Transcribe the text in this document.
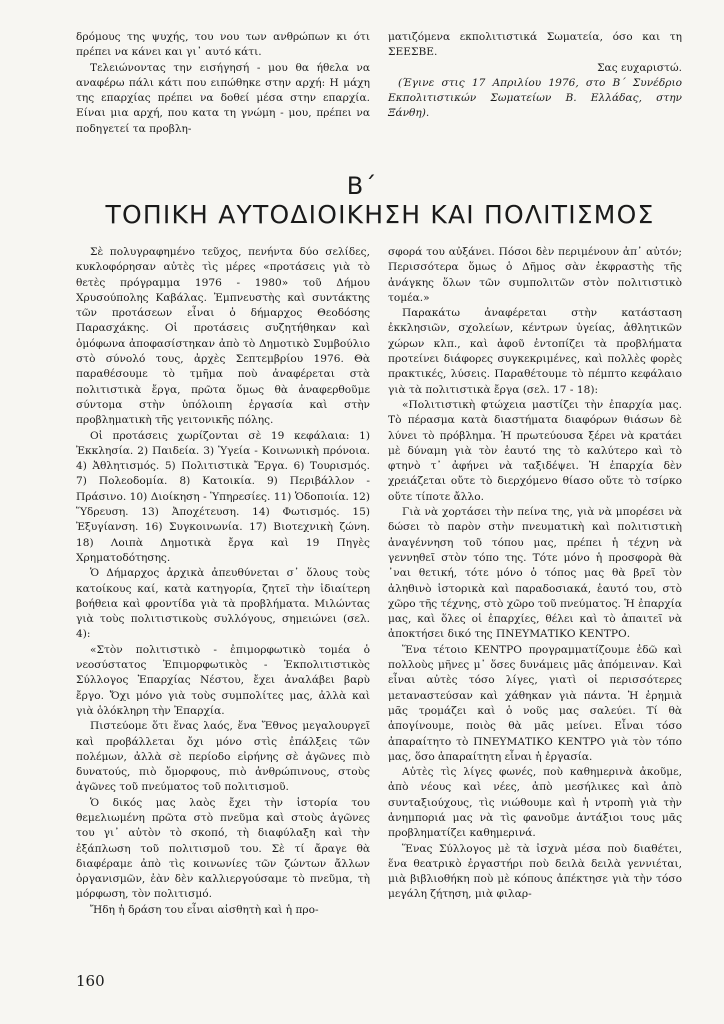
δρόμους της ψυχής, του νου των ανθρώπων κι ότι πρέπει να κάνει και γι᾿ αυτό κάτι.

Τελειώνοντας την εισήγησή - μου θα ήθελα να αναφέρω πάλι κάτι που ειπώθηκε στην αρχή: Η μάχη της επαρχίας πρέπει να δοθεί μέσα στην επαρχία. Είναι μια αρχή, που κατα τη γνώμη - μου, πρέπει να ποδηγετεί τα προβλη-

ματιζόμενα εκπολιτιστικά Σωματεία, όσο και τη ΣΕΕΣΒΕ.

Σας ευχαριστώ.

(Έγινε στις 17 Απριλίου 1976, στο Β΄ Συνέδριο Εκπολιτιστικών Σωματείων Β. Ελλάδας, στην Ξάνθη).

Β΄
ΤΟΠΙΚΗ ΑΥΤΟΔΙΟΙΚΗΣΗ ΚΑΙ ΠΟΛΙΤΙΣΜΟΣ

Σὲ πολυγραφημένο τεῦχος, πενήντα δύο σελίδες, κυκλοφόρησαν αὐτὲς τὶς μέρες «προτάσεις γιὰ τὸ θετὲς πρόγραμμα 1976 - 1980» τοῦ Δήμου Χρυσούπολης Καβάλας. Ἐμπνευστὴς καὶ συντάκτης τῶν προτάσεων εἶναι ὁ δήμαρχος Θεοδόσης Παρασχάκης. Οἱ προτάσεις συζητήθηκαν καὶ ὁμόφωνα ἀποφασίστηκαν ἀπὸ τὸ Δημοτικὸ Συμβούλιο στὸ σύνολό τους, ἀρχὲς Σεπτεμβρίου 1976. Θὰ παραθέσουμε τὸ τμῆμα ποὺ ἀναφέρεται στὰ πολιτιστικὰ ἔργα, πρῶτα ὅμως θὰ ἀναφερθοῦμε σύντομα στὴν ὑπόλοιπη ἐργασία καὶ στὴν προβληματικὴ τῆς γειτονικῆς πόλης.

Οἱ προτάσεις χωρίζονται σὲ 19 κεφάλαια: 1) Ἐκκλησία. 2) Παιδεία. 3) Ὑγεία - Κοινωνικὴ πρόνοια. 4) Ἀθλητισμός. 5) Πολιτιστικὰ Ἔργα. 6) Τουρισμός. 7) Πολεοδομία. 8) Κατοικία. 9) Περιβάλλον - Πράσινο. 10) Διοίκηση - Ὑπηρεσίες. 11) Ὁδοποιία. 12) Ὕδρευση. 13) Ἀποχέτευση. 14) Φωτισμός. 15) Ἐξυγίανση. 16) Συγκοινωνία. 17) Βιοτεχνικὴ ζώνη. 18) Λοιπὰ Δημοτικὰ ἔργα καὶ 19 Πηγὲς Χρηματοδότησης.

Ὁ Δήμαρχος ἀρχικὰ ἀπευθύνεται σ᾿ ὅλους τοὺς κατοίκους καί, κατὰ κατηγορία, ζητεῖ τὴν ἰδιαίτερη βοήθεια καὶ φροντίδα γιὰ τὰ προβλήματα. Μιλώντας γιὰ τοὺς πολιτιστικοὺς συλλόγους, σημειώνει (σελ. 4):

«Στὸν πολιτιστικὸ - ἐπιμορφωτικὸ τομέα ὁ νεοσύστατος Ἐπιμορφωτικὸς - Ἐκπολιτιστικὸς Σύλλογος Ἐπαρχίας Νέστου, ἔχει ἀναλάβει βαρὺ ἔργο. Ὄχι μόνο γιὰ τοὺς συμπολίτες μας, ἀλλὰ καὶ γιὰ ὁλόκληρη τὴν Ἐπαρχία.

Πιστεύομε ὅτι ἕνας λαός, ἕνα Ἔθνος μεγαλουργεῖ καὶ προβάλλεται ὄχι μόνο στὶς ἐπάλξεις τῶν πολέμων, ἀλλὰ σὲ περίοδο εἰρήνης σὲ ἀγῶνες πιὸ δυνατούς, πιὸ ὄμορφους, πιὸ ἀνθρώπινους, στοὺς ἀγῶνες τοῦ πνεύματος τοῦ πολιτισμοῦ.

Ὁ δικός μας λαὸς ἔχει τὴν ἱστορία του θεμελιωμένη πρῶτα στὸ πνεῦμα καὶ στοὺς ἀγῶνες του γι᾿ αὐτὸν τὸ σκοπό, τὴ διαφύλαξη καὶ τὴν ἐξάπλωση τοῦ πολιτισμοῦ του. Σὲ τί ἄραγε θὰ διαφέραμε ἀπὸ τὶς κοινωνίες τῶν ζώντων ἄλλων ὀργανισμῶν, ἐὰν δὲν καλλιεργούσαμε τὸ πνεῦμα, τὴ μόρφωση, τὸν πολιτισμό.

Ἤδη ἡ δράση του εἶναι αἰσθητὴ καὶ ἡ προ-

σφορά του αὐξάνει. Πόσοι δὲν περιμένουν ἀπ᾿ αὐτόν; Περισσότερα ὅμως ὁ Δῆμος σὰν ἐκφραστὴς τῆς ἀνάγκης ὅλων τῶν συμπολιτῶν στὸν πολιτιστικὸ τομέα.»

Παρακάτω ἀναφέρεται στὴν κατάσταση ἐκκλησιῶν, σχολείων, κέντρων ὑγείας, ἀθλητικῶν χώρων κλπ., καὶ ἀφοῦ ἐντοπίζει τὰ προβλήματα προτείνει διάφορες συγκεκριμένες, καὶ πολλὲς φορὲς πρακτικές, λύσεις. Παραθέτουμε τὸ πέμπτο κεφάλαιο γιὰ τὰ πολιτιστικὰ ἔργα (σελ. 17 - 18):

«Πολιτιστικὴ φτώχεια μαστίζει τὴν ἐπαρχία μας. Τὸ πέρασμα κατὰ διαστήματα διαφόρων θιάσων δὲ λύνει τὸ πρόβλημα. Ἡ πρωτεύουσα ξέρει νὰ κρατάει μὲ δύναμη γιὰ τὸν ἑαυτό της τὸ καλύτερο καὶ τὸ φτηνὸ τ᾿ ἀφήνει νὰ ταξιδέψει. Ἡ ἐπαρχία δὲν χρειάζεται οὔτε τὸ διερχόμενο θίασο οὔτε τὸ τσίρκο οὔτε τίποτε ἄλλο.

Γιὰ νὰ χορτάσει τὴν πείνα της, γιὰ νὰ μπορέσει νὰ δώσει τὸ παρὸν στὴν πνευματικὴ καὶ πολιτιστικὴ ἀναγέννηση τοῦ τόπου μας, πρέπει ἡ τέχνη νὰ γεννηθεῖ στὸν τόπο της. Τότε μόνο ἡ προσφορὰ θὰ ᾿ναι θετική, τότε μόνο ὁ τόπος μας θὰ βρεῖ τὸν ἀληθινὸ ἱστορικὰ καὶ παραδοσιακά, ἑαυτό του, στὸ χῶρο τῆς τέχνης, στὸ χῶρο τοῦ πνεύματος. Ἡ ἐπαρχία μας, καὶ ὅλες οἱ ἐπαρχίες, θέλει καὶ τὸ ἀπαιτεῖ νὰ ἀποκτήσει δικό της ΠΝΕΥΜΑΤΙΚΟ ΚΕΝΤΡΟ.

Ἕνα τέτοιο ΚΕΝΤΡΟ προγραμματίζουμε ἐδῶ καὶ πολλοὺς μῆνες μ᾿ ὅσες δυνάμεις μᾶς ἀπόμειναν. Καὶ εἶναι αὐτὲς τόσο λίγες, γιατὶ οἱ περισσότερες μεταναστεύσαν καὶ χάθηκαν γιὰ πάντα. Ἡ ἐρημιὰ μᾶς τρομάζει καὶ ὁ νοῦς μας σαλεύει. Τί θὰ ἀπογίνουμε, ποιὸς θὰ μᾶς μείνει. Εἶναι τόσο ἀπαραίτητο τὸ ΠΝΕΥΜΑΤΙΚΟ ΚΕΝΤΡΟ γιὰ τὸν τόπο μας, ὅσο ἀπαραίτητη εἶναι ἡ ἐργασία.

Αὐτὲς τὶς λίγες φωνές, ποὺ καθημερινὰ ἀκοῦμε, ἀπὸ νέους καὶ νέες, ἀπὸ μεσήλικες καὶ ἀπὸ συνταξιούχους, τὶς νιώθουμε καὶ ἡ ντροπὴ γιὰ τὴν ἀνημποριά μας νὰ τὶς φανοῦμε ἀντάξιοι τους μᾶς προβληματίζει καθημερινά.

Ἕνας Σύλλογος μὲ τὰ ἰσχνὰ μέσα ποὺ διαθέτει, ἕνα θεατρικὸ ἐργαστήρι ποὺ δειλὰ δειλὰ γεννιέται, μιὰ βιβλιοθήκη ποὺ μὲ κόπους ἀπέκτησε γιὰ τὴν τόσο μεγάλη ζήτηση, μιὰ φιλαρ-

160
